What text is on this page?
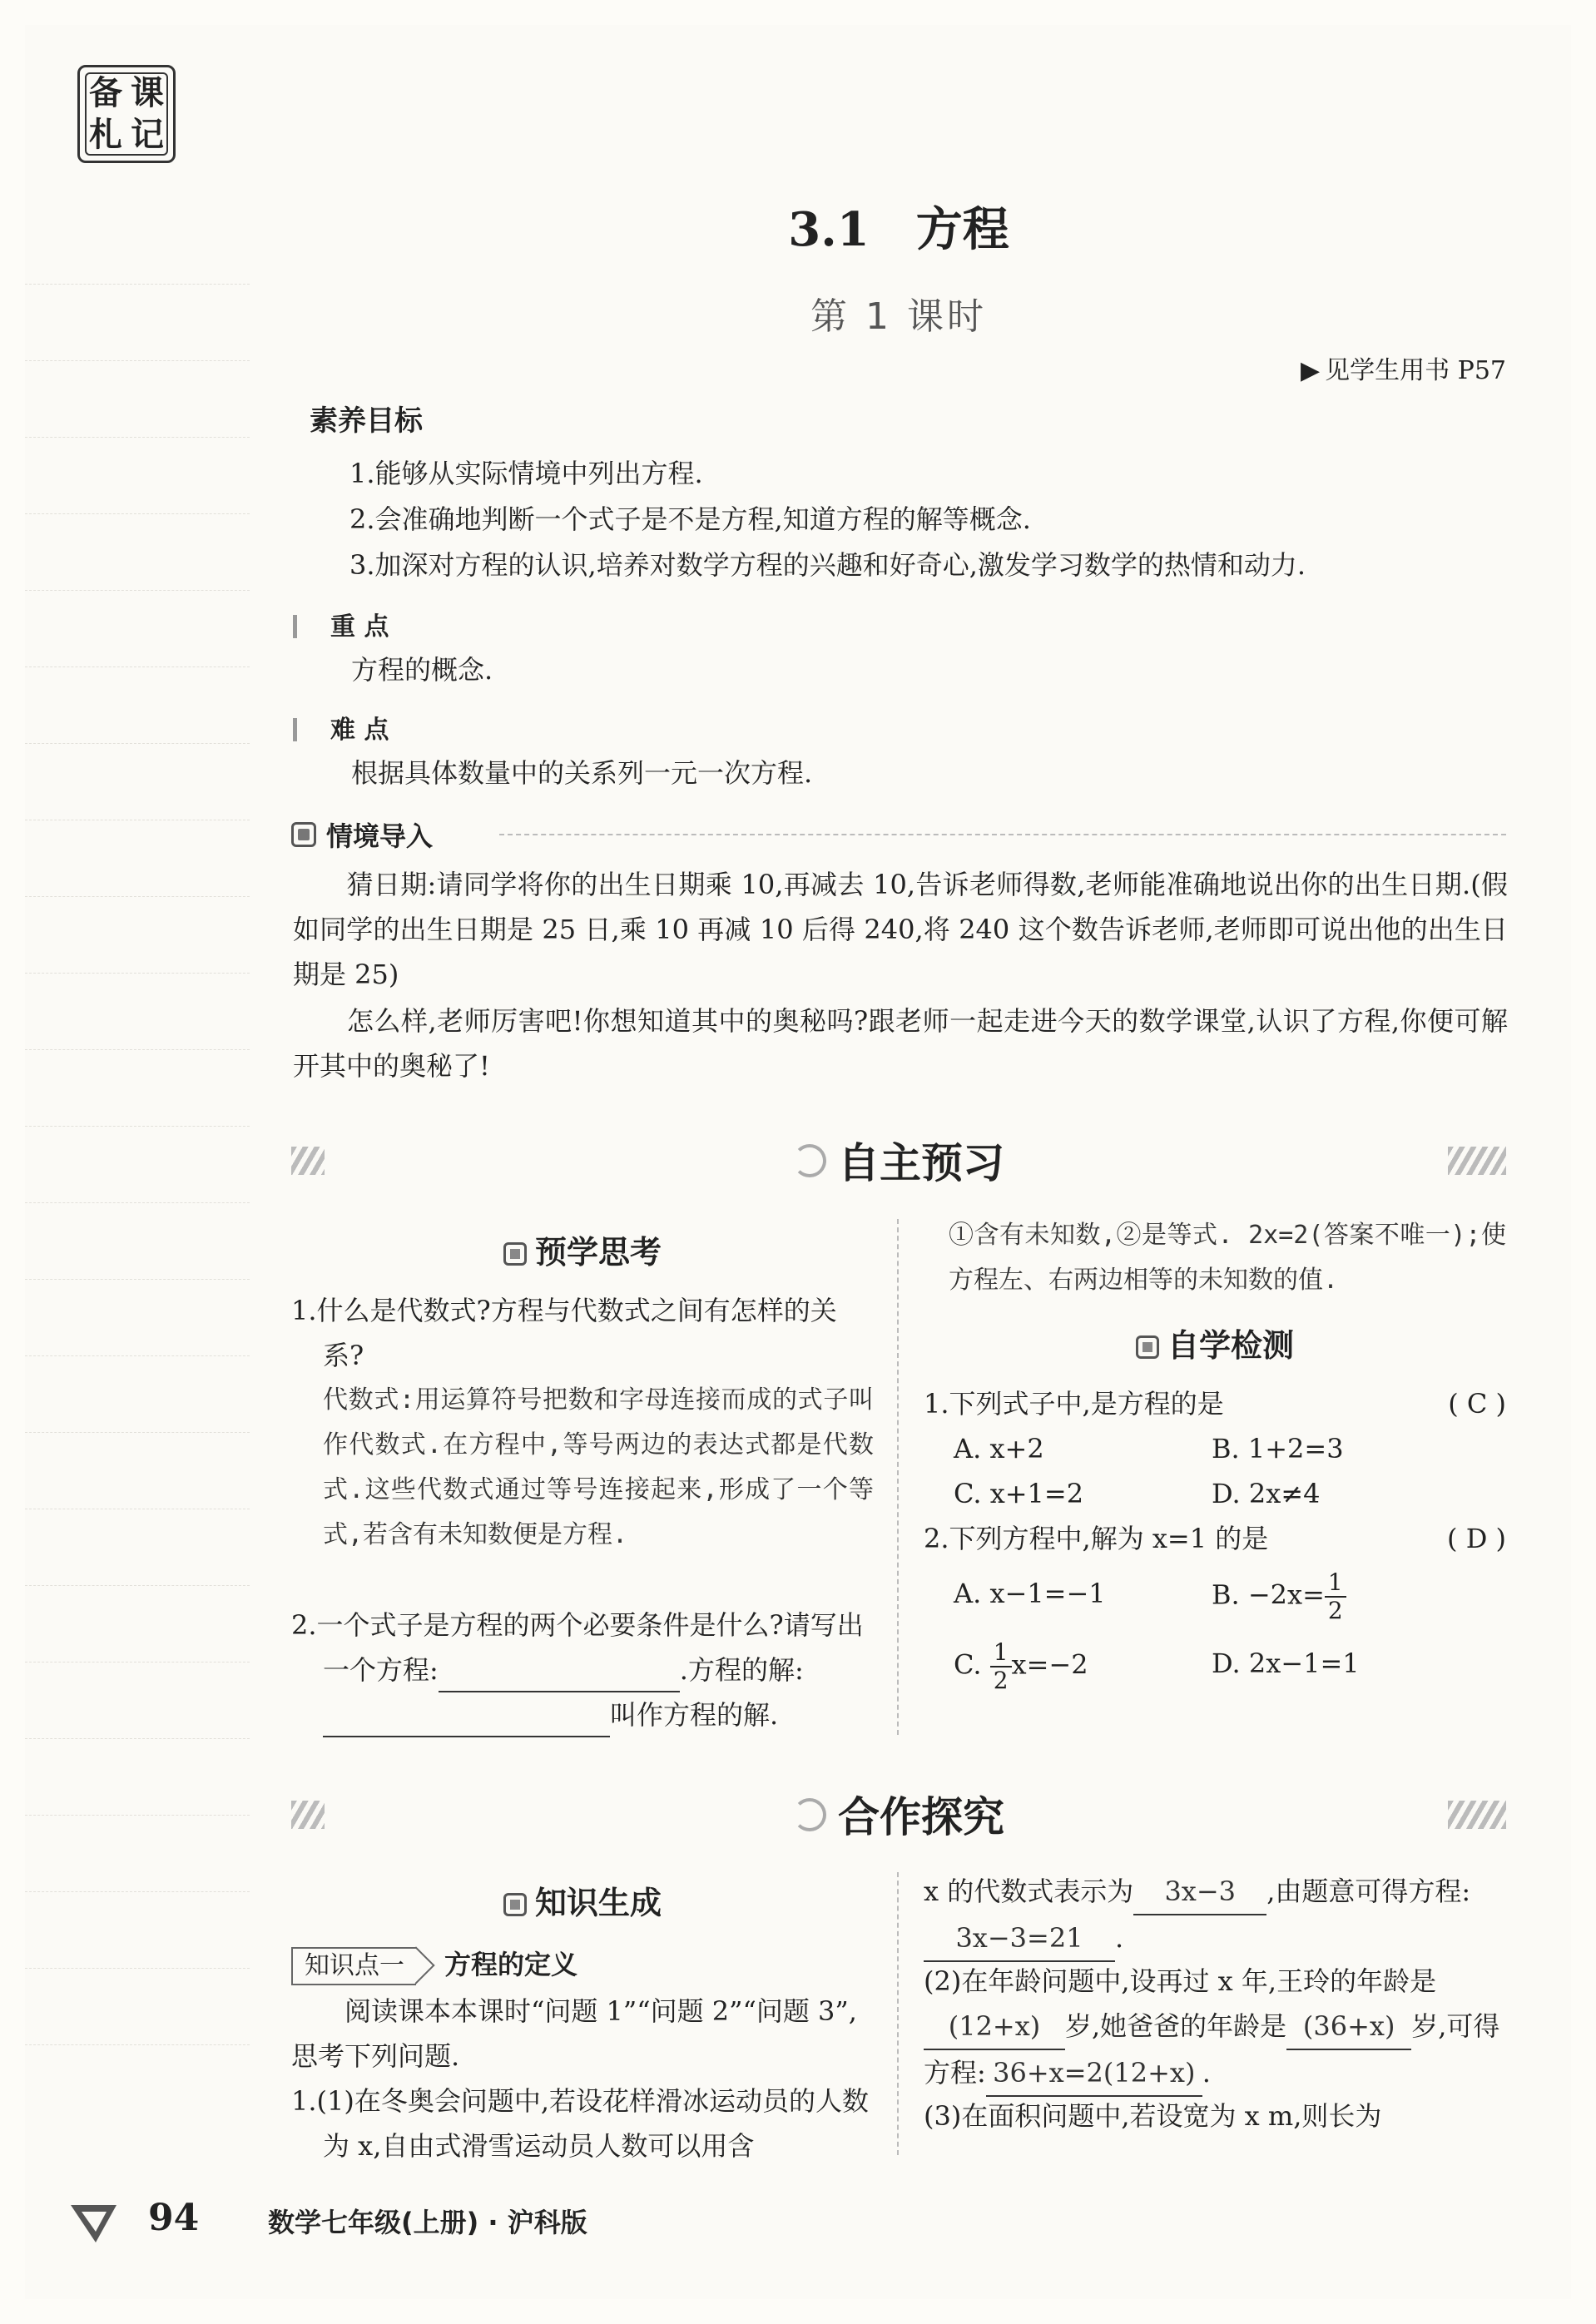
备 课
札 记
3.1　方程
第 1 课时
▶ 见学生用书 P57
素养目标

1.能够从实际情境中列出方程.

2.会准确地判断一个式子是不是方程,知道方程的解等概念.

3.加深对方程的认识,培养对数学方程的兴趣和好奇心,激发学习数学的热情和动力.

重 点
方程的概念.
难 点
根据具体数量中的关系列一元一次方程.
情境导入
　　猜日期:请同学将你的出生日期乘 10,再减去 10,告诉老师得数,老师能准确地说出你的出生日期.(假如同学的出生日期是 25 日,乘 10 再减 10 后得 240,将 240 这个数告诉老师,老师即可说出他的出生日期是 25)
　　怎么样,老师厉害吧!你想知道其中的奥秘吗?跟老师一起走进今天的数学课堂,认识了方程,你便可解开其中的奥秘了!
自主预习
预学思考
1.什么是代数式?方程与代数式之间有怎样的关系?
代数式:用运算符号把数和字母连接而成的式子叫作代数式.在方程中,等号两边的表达式都是代数式.这些代数式通过等号连接起来,形成了一个等式,若含有未知数便是方程.
2.一个式子是方程的两个必要条件是什么?请写出一个方程:	.方程的解:叫作方程的解.
①含有未知数,②是等式. 2x=2(答案不唯一);使方程左、右两边相等的未知数的值.
自学检测
1.下列式子中,是方程的是	( C )
A. x+2	B. 1+2=3
C. x+1=2	D. 2x≠4
2.下列方程中,解为 x=1 的是	( D )
A. x−1=−1	B. $-2x= \frac{1}{2}$
C. $\frac{1}{2} x=-2$	D. 2x−1=1
合作探究
知识生成
知识点一 方程的定义
　　阅读课本本课时“问题 1”“问题 2”“问题 3”,思考下列问题.
1.(1)在冬奥会问题中,若设花样滑冰运动员的人数为 x,自由式滑雪运动员人数可以用含
x 的代数式表示为 3x−3 ,由题意可得方程:3x−3=21 .
(2)在年龄问题中,设再过 x 年,王玲的年龄是(12+x) 岁,她爸爸的年龄是 (36+x) 岁,可得方程: 36+x=2(12+x) .
(3)在面积问题中,若设宽为 x m,则长为
94	数学七年级(上册) · 沪科版
